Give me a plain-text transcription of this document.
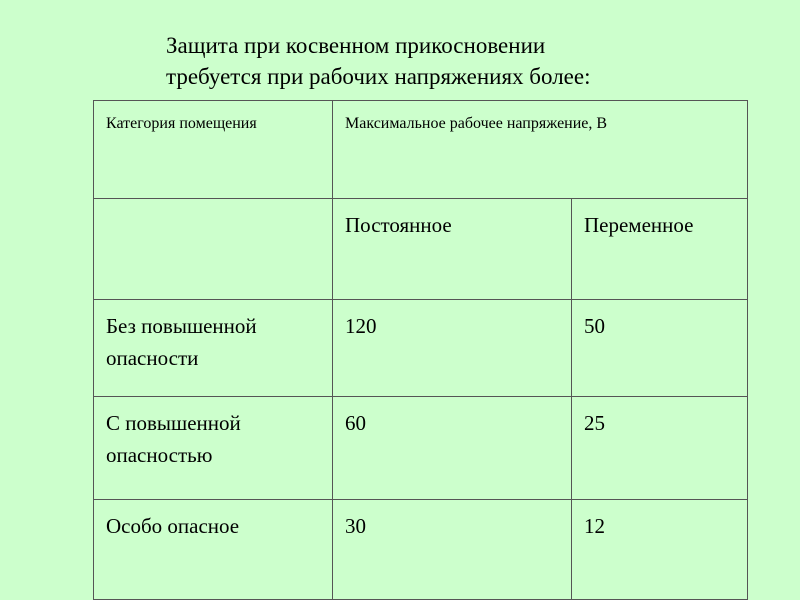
Защита при косвенном прикосновении
требуется при рабочих напряжениях более:
Категория помещения	Максимальное рабочее напряжение, В	

	Постоянное	Переменное

Без повышенной опасности	120	50

С повышенной опасностью	60	25

Особо опасное	30	12
